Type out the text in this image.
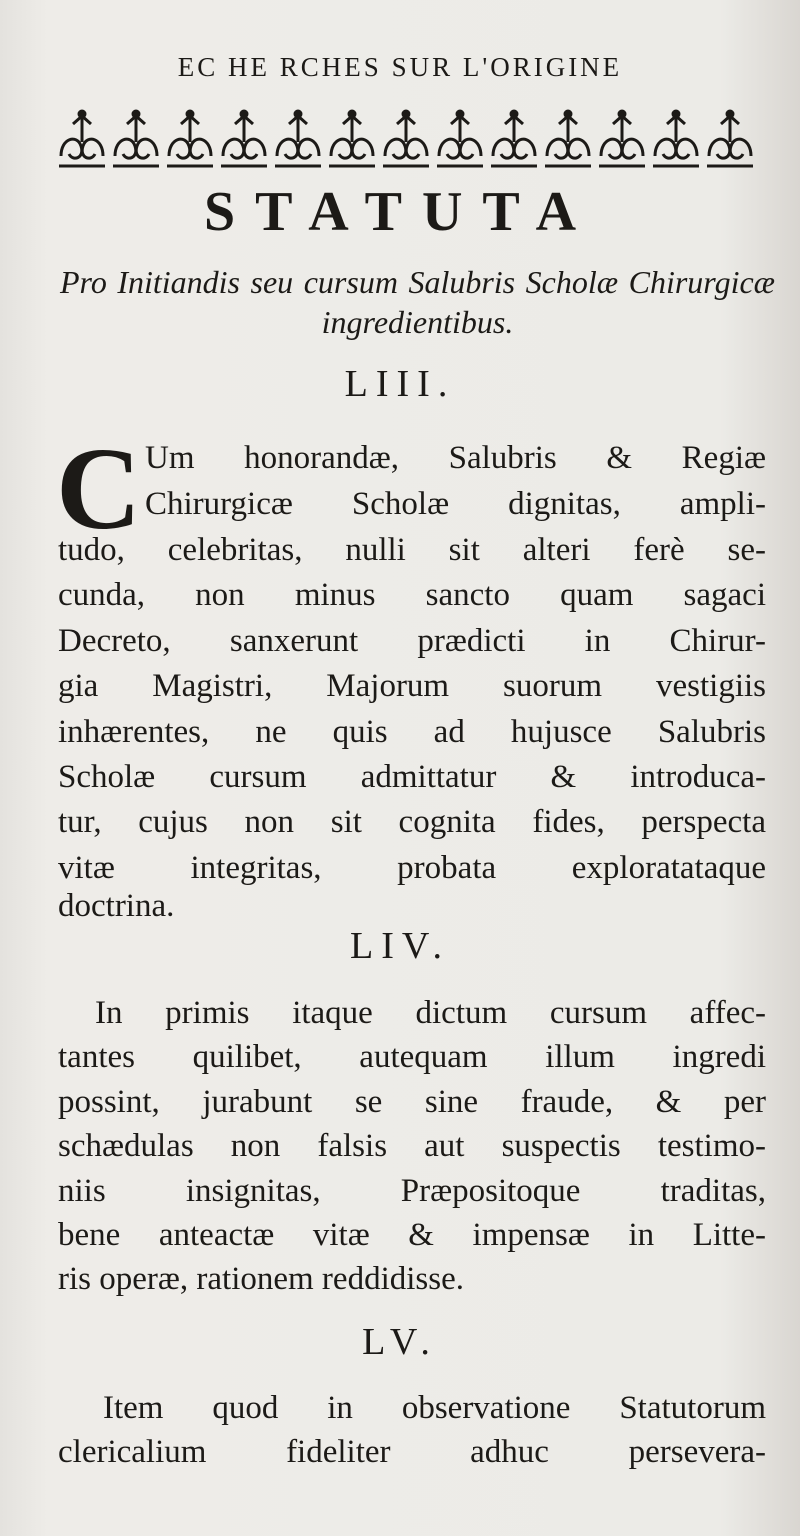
EC HE RCHES SUR L'ORIGINE
STATUTA
Pro Initiandis seu cursum Salubris Scholæ Chirurgicæ ingredientibus.
LIII.
C Um honorandæ, Salubris & Regiæ
Chirurgicæ Scholæ dignitas, ampli-
tudo, celebritas, nulli sit alteri ferè se-
cunda, non minus sancto quam sagaci
Decreto, sanxerunt prædicti in Chirur-
gia Magistri, Majorum suorum vestigiis
inhærentes, ne quis ad hujusce Salubris
Scholæ cursum admittatur & introduca-
tur, cujus non sit cognita fides, perspecta
vitæ integritas, probata exploratataque
doctrina.
LIV.
In primis itaque dictum cursum affec-
tantes quilibet, autequam illum ingredi
possint, jurabunt se sine fraude, & per
schædulas non falsis aut suspectis testimo-
niis insignitas, Præpositoque traditas,
bene anteactæ vitæ & impensæ in Litte-
ris operæ, rationem reddidisse.
LV.
Item quod in observatione Statutorum
clericalium fideliter adhuc persevera-
